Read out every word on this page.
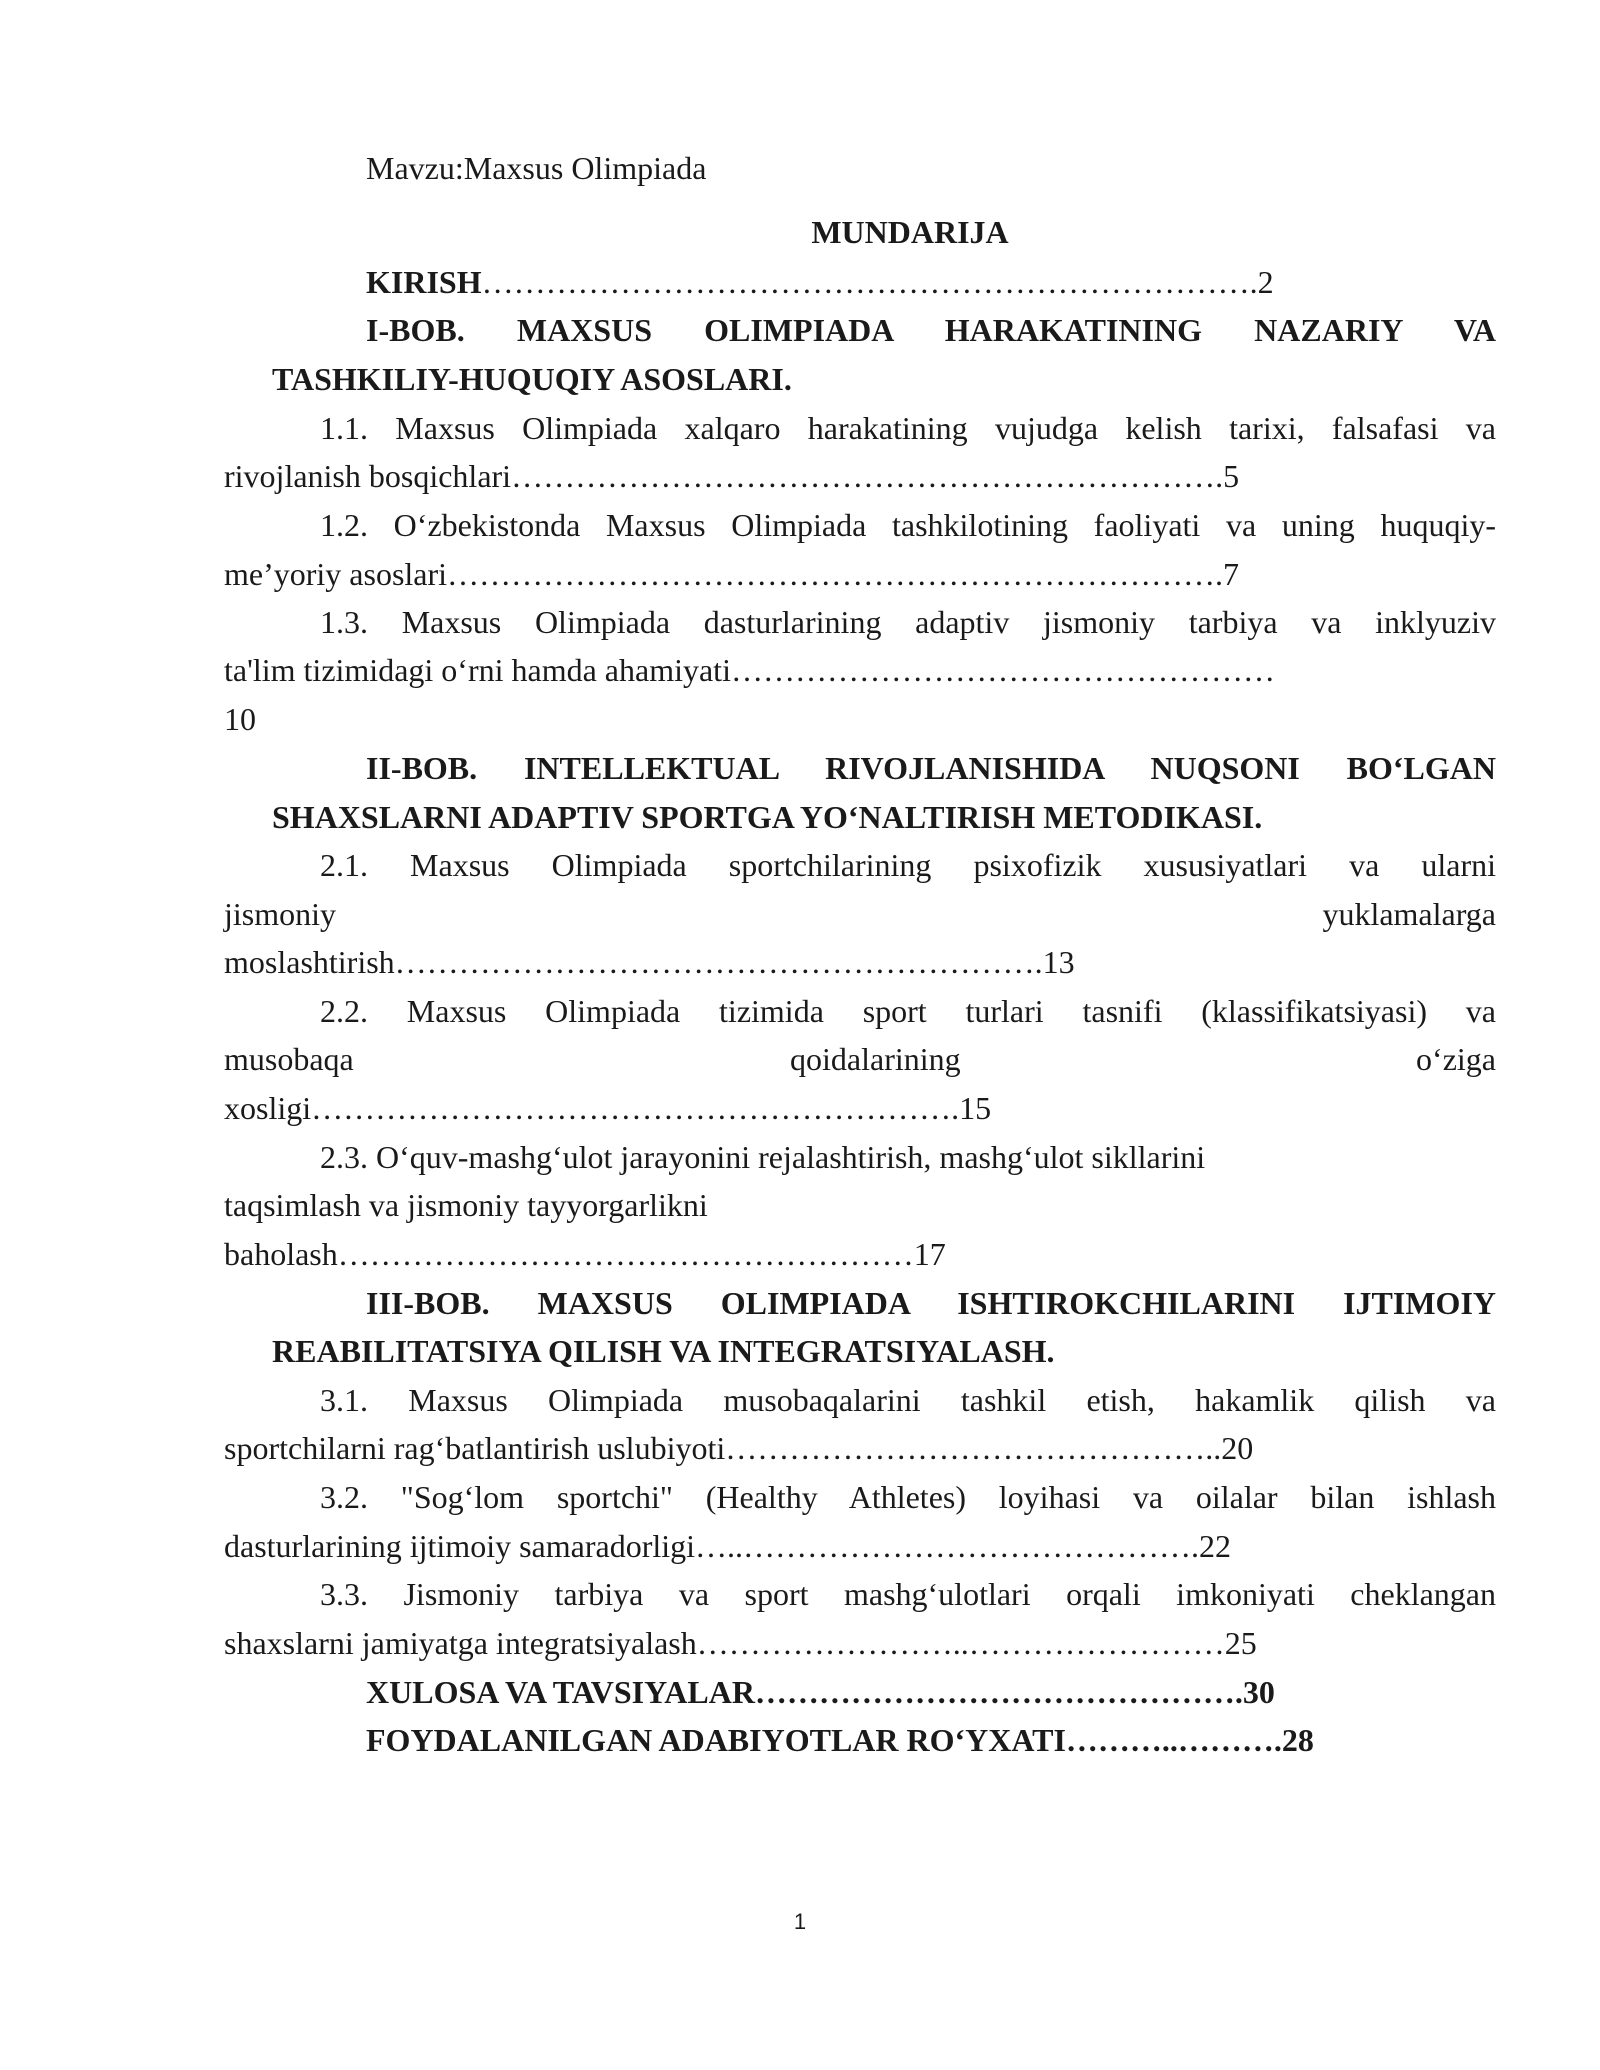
Mavzu:Maxsus Olimpiada
MUNDARIJA
KIRISH……………………………………………………………….2
I-BOB. MAXSUS OLIMPIADA HARAKATINING NAZARIY VA
TASHKILIY-HUQUQIY ASOSLARI.
1.1. Maxsus Olimpiada xalqaro harakatining vujudga kelish tarixi, falsafasi va
rivojlanish bosqichlari………………………………………………………….5
1.2. O‘zbekistonda Maxsus Olimpiada tashkilotining faoliyati va uning huquqiy-
me’yoriy asoslari……………………………………………………………….7
1.3. Maxsus Olimpiada dasturlarining adaptiv jismoniy tarbiya va inklyuziv
ta'lim tizimidagi o‘rni hamda ahamiyati……………………………………………
10
II-BOB. INTELLEKTUAL RIVOJLANISHIDA NUQSONI BO‘LGAN
SHAXSLARNI ADAPTIV SPORTGA YO‘NALTIRISH METODIKASI.
2.1. Maxsus Olimpiada sportchilarining psixofizik xususiyatlari va ularni
jismoniy	yuklamalarga
moslashtirish…………………………………………………….13
2.2. Maxsus Olimpiada tizimida sport turlari tasnifi (klassifikatsiyasi) va
musobaqa	qoidalarining	o‘ziga
xosligi…………………………………………………….15
2.3. O‘quv-mashg‘ulot jarayonini rejalashtirish, mashg‘ulot sikllarini
taqsimlash va jismoniy tayyorgarlikni
baholash………………………………………………17
III-BOB. MAXSUS OLIMPIADA ISHTIROKCHILARINI IJTIMOIY
REABILITATSIYA QILISH VA INTEGRATSIYALASH.
3.1. Maxsus Olimpiada musobaqalarini tashkil etish, hakamlik qilish va
sportchilarni rag‘batlantirish uslubiyoti………………………………………..20
3.2. "Sog‘lom sportchi" (Healthy Athletes) loyihasi va oilalar bilan ishlash
dasturlarining ijtimoiy samaradorligi…..…………………………………….22
3.3. Jismoniy tarbiya va sport mashg‘ulotlari orqali imkoniyati cheklangan
shaxslarni jamiyatga integratsiyalash……………………..……………………25
XULOSA VA TAVSIYALAR……………………………………….30
FOYDALANILGAN ADABIYOTLAR RO‘YXATI………..……….28
1
